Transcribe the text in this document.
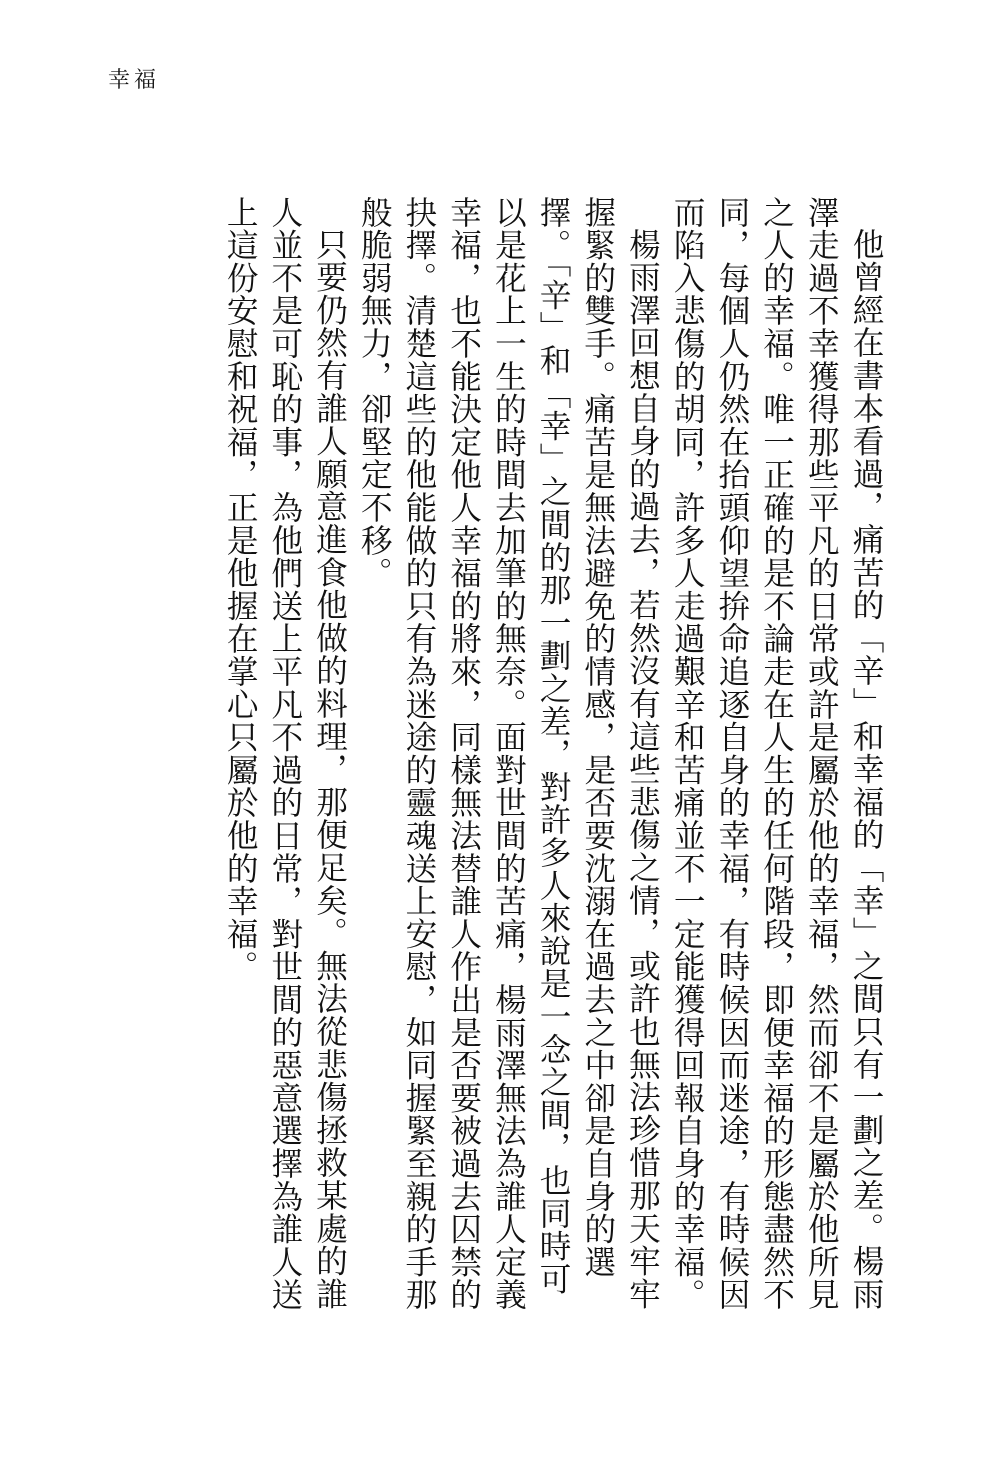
幸福

他曾經在書本看過，痛苦的「辛」和幸福的「幸」之間只有一劃之差。楊雨澤走過不幸獲得那些平凡的日常或許是屬於他的幸福，然而卻不是屬於他所見之人的幸福。唯一正確的是不論走在人生的任何階段，即便幸福的形態盡然不同，每個人仍然在抬頭仰望拚命追逐自身的幸福，有時候因而迷途，有時候因而陷入悲傷的胡同，許多人走過艱辛和苦痛並不一定能獲得回報自身的幸福。

楊雨澤回想自身的過去，若然沒有這些悲傷之情，或許也無法珍惜那天牢牢握緊的雙手。痛苦是無法避免的情感，是否要沈溺在過去之中卻是自身的選擇。「辛」和「幸」之間的那一劃之差，對許多人來說是一念之間，也同時可以是花上一生的時間去加筆的無奈。面對世間的苦痛，楊雨澤無法為誰人定義幸福，也不能決定他人幸福的將來，同樣無法替誰人作出是否要被過去囚禁的抉擇。清楚這些的他能做的只有為迷途的靈魂送上安慰，如同握緊至親的手那般脆弱無力，卻堅定不移。

只要仍然有誰人願意進食他做的料理，那便足矣。無法從悲傷拯救某處的誰人並不是可恥的事，為他們送上平凡不過的日常，對世間的惡意選擇為誰人送上這份安慰和祝福，正是他握在掌心只屬於他的幸福。
